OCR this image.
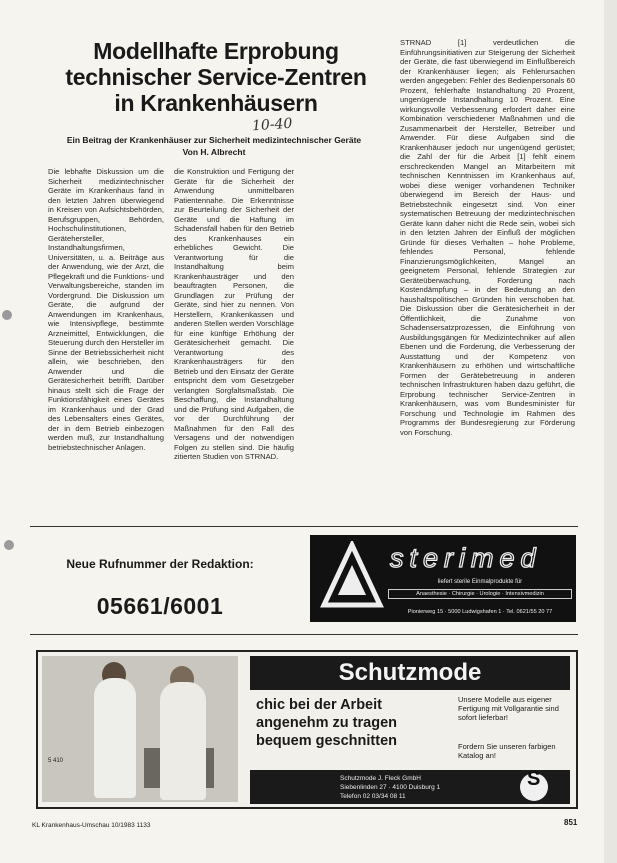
Modellhafte Erprobung
technischer Service-Zentren
in Krankenhäusern
10-40
Ein Beitrag der Krankenhäuser zur Sicherheit medizintechnischer Geräte
Von H. Albrecht

Die lebhafte Diskussion um die Sicherheit medizintechnischer Geräte im Krankenhaus fand in den letzten Jahren überwiegend in Kreisen von Aufsichtsbehörden, Berufsgruppen, Behörden, Hochschulinstitutionen, Gerätehersteller, Instandhaltungsfirmen, Universitäten, u. a. Beiträge aus der Anwendung, wie der Arzt, die Pflegekraft und die Funktions- und Verwaltungsbereiche, standen im Vordergrund. Die Diskussion um Geräte, die aufgrund der Anwendungen im Krankenhaus, wie Intensivpflege, bestimmte Arzneimittel, Entwicklungen, die Steuerung durch den Hersteller im Sinne der Betriebssicherheit nicht allein, wie beschrieben, den Anwender und die Gerätesicherheit betrifft. Darüber hinaus stellt sich die Frage der Funktionsfähigkeit eines Gerätes im Krankenhaus und der Grad des Lebensalters eines Gerätes, der in dem Betrieb einbezogen werden muß, zur Instandhaltung betriebstechnischer Anlagen.

die Konstruktion und Fertigung der Geräte für die Sicherheit der Anwendung unmittelbaren Patientennahe. Die Erkenntnisse zur Beurteilung der Sicherheit der Geräte und die Haftung im Schadensfall haben für den Betrieb des Krankenhauses ein erhebliches Gewicht. Die Verantwortung für die Instandhaltung beim Krankenhausträger und den beauftragten Personen, die Grundlagen zur Prüfung der Geräte, sind hier zu nennen. Von Herstellern, Krankenkassen und anderen Stellen werden Vorschläge für eine künftige Erhöhung der Gerätesicherheit gemacht. Die Verantwortung des Krankenhausträgers für den Betrieb und den Einsatz der Geräte entspricht dem vom Gesetzgeber verlangten Sorgfaltsmaßstab. Die Beschaffung, die Instandhaltung und die Prüfung sind Aufgaben, die vor der Durchführung der Maßnahmen für den Fall des Versagens und der notwendigen Folgen zu stellen sind. Die häufig zitierten Studien von STRNAD.

STRNAD [1] verdeutlichen die Einführungsinitiativen zur Steigerung der Sicherheit der Geräte, die fast überwiegend im Einflußbereich der Krankenhäuser liegen; als Fehlerursachen werden angegeben: Fehler des Bedienpersonals 60 Prozent, fehlerhafte Instandhaltung 20 Prozent, ungenügende Instandhaltung 10 Prozent. Eine wirkungsvolle Verbesserung erfordert daher eine Kombination verschiedener Maßnahmen und die Zusammenarbeit der Hersteller, Betreiber und Anwender. Für diese Aufgaben sind die Krankenhäuser jedoch nur ungenügend gerüstet; die Zahl der für die Arbeit [1] fehlt einem erschreckenden Mangel an Mitarbeitern mit technischen Kenntnissen im Krankenhaus auf, wobei diese weniger vorhandenen Techniker überwiegend im Bereich der Haus- und Betriebstechnik eingesetzt sind. Von einer systematischen Betreuung der medizintechnischen Geräte kann daher nicht die Rede sein, wobei sich in den letzten Jahren der Einfluß der möglichen Gründe für dieses Verhalten – hohe Probleme, fehlendes Personal, fehlende Finanzierungsmöglichkeiten, Mangel an geeignetem Personal, fehlende Strategien zur Geräteüberwachung, Forderung nach Kostendämpfung – in der Bedeutung an den haushaltspolitischen Gründen hin verschoben hat. Die Diskussion über die Gerätesicherheit in der Öffentlichkeit, die Zunahme von Schadensersatzprozessen, die Einführung von Ausbildungsgängen für Medizintechniker auf allen Ebenen und die Forderung, die Verbesserung der Ausstattung und der Kompetenz von Krankenhäusern zu erhöhen und wirtschaftliche Formen der Gerätebetreuung in anderen technischen Infrastrukturen haben dazu geführt, die Erprobung technischer Service-Zentren in Krankenhäusern, was vom Bundesminister für Forschung und Technologie im Rahmen des Programms der Bundesregierung zur Förderung von Forschung.

Neue Rufnummer der Redaktion:
05661/6001
sterimed
liefert sterile Einmalprodukte für
Anaesthesie · Chirurgie · Urologie · Intensivmedizin
Pionierweg 15 · 5000 Ludwigshafen 1 · Tel. 0621/55 20 77
5 410
Schutzmode
chic bei der Arbeit
angenehm zu tragen
bequem geschnitten
Unsere Modelle aus eigener Fertigung mit Vollgarantie sind sofort lieferbar!
Fordern Sie unseren farbigen Katalog an!
Schutzmode J. Fleck GmbH
Siebenlinden 27 · 4100 Duisburg 1
Telefon 02 03/34 08 11
S
KL Krankenhaus-Umschau 10/1983 1133	851
